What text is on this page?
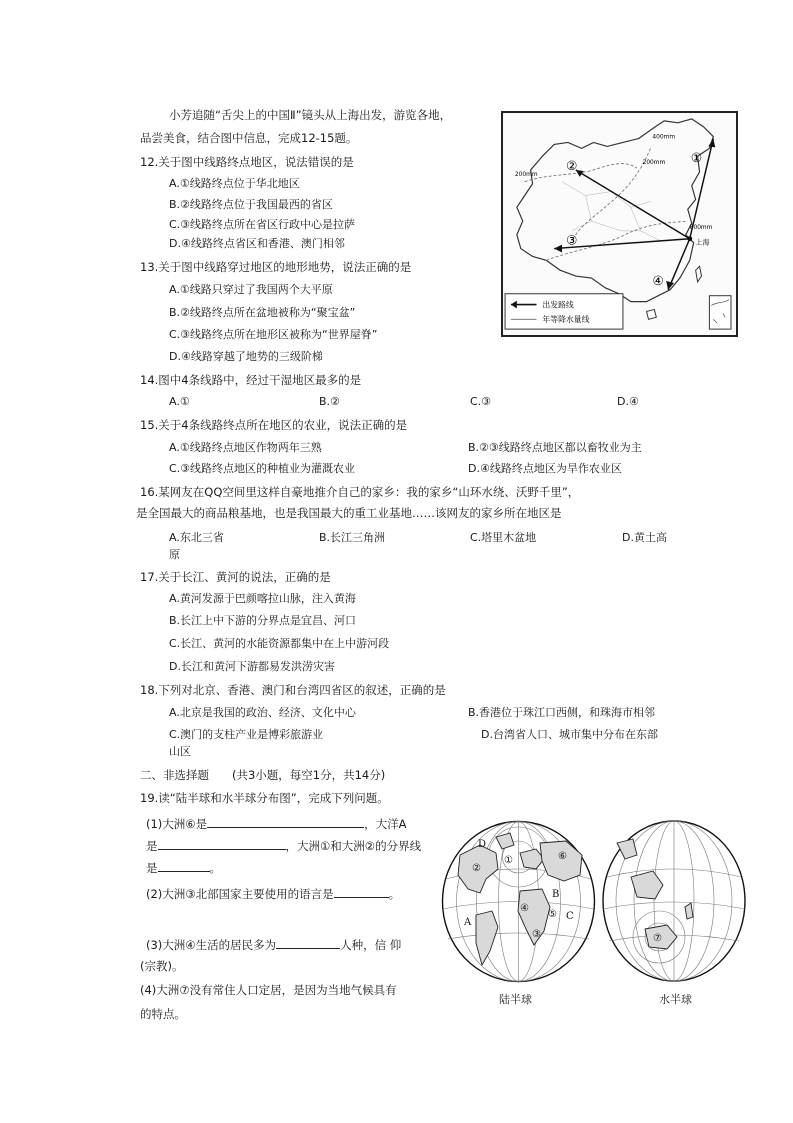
小芳追随“舌尖上的中国Ⅱ”镜头从上海出发，游览各地，
品尝美食，结合图中信息，完成12-15题。
12.关于图中线路终点地区，说法错误的是
A.①线路终点位于华北地区
B.②线路终点位于我国最西的省区
C.③线路终点所在省区行政中心是拉萨
D.④线路终点省区和香港、澳门相邻
13.关于图中线路穿过地区的地形地势，说法正确的是
A.①线路只穿过了我国两个大平原
B.②线路终点所在盆地被称为“聚宝盆”
C.③线路终点所在地形区被称为“世界屋脊”
D.④线路穿越了地势的三级阶梯
14.图中4条线路中，经过干湿地区最多的是
A.①	B.②	C.③	D.④
15.关于4条线路终点所在地区的农业，说法正确的是
A.①线路终点地区作物两年三熟	B.②③线路终点地区都以畜牧业为主
C.③线路终点地区的种植业为灌溉农业	D.④线路终点地区为旱作农业区
16.某网友在QQ空间里这样自豪地推介自己的家乡：我的家乡“山环水绕、沃野千里”，
是全国最大的商品粮基地，也是我国最大的重工业基地……该网友的家乡所在地区是
A.东北三省	B.长江三角洲	C.塔里木盆地	D.黄土高
原
17.关于长江、黄河的说法，正确的是
A.黄河发源于巴颜喀拉山脉，注入黄海
B.长江上中下游的分界点是宜昌、河口
C.长江、黄河的水能资源都集中在上中游河段
D.长江和黄河下游都易发洪涝灾害
18.下列对北京、香港、澳门和台湾四省区的叙述，正确的是
A.北京是我国的政治、经济、文化中心	B.香港位于珠江口西侧，和珠海市相邻
C.澳门的支柱产业是博彩旅游业	D.台湾省人口、城市集中分布在东部
山区
二、非选择题 (共3小题，每空1分，共14分)
19.读“陆半球和水半球分布图”，完成下列问题。
(1)大洲⑥是	，大洋A
是	，大洲①和大洲②的分界线
是	。
(2)大洲③北部国家主要使用的语言是	。
(3)大洲④生活的居民多为	人种，信 仰
(宗教)。
(4)大洲⑦没有常住人口定居，是因为当地气候具有
的特点。
①
②
③
④
上海
400mm
200mm
200mm
800mm
出发路线
年等降水量线
D
②
①	⑥
④
⑤
B
C
A
③
陆半球
⑦
水半球
